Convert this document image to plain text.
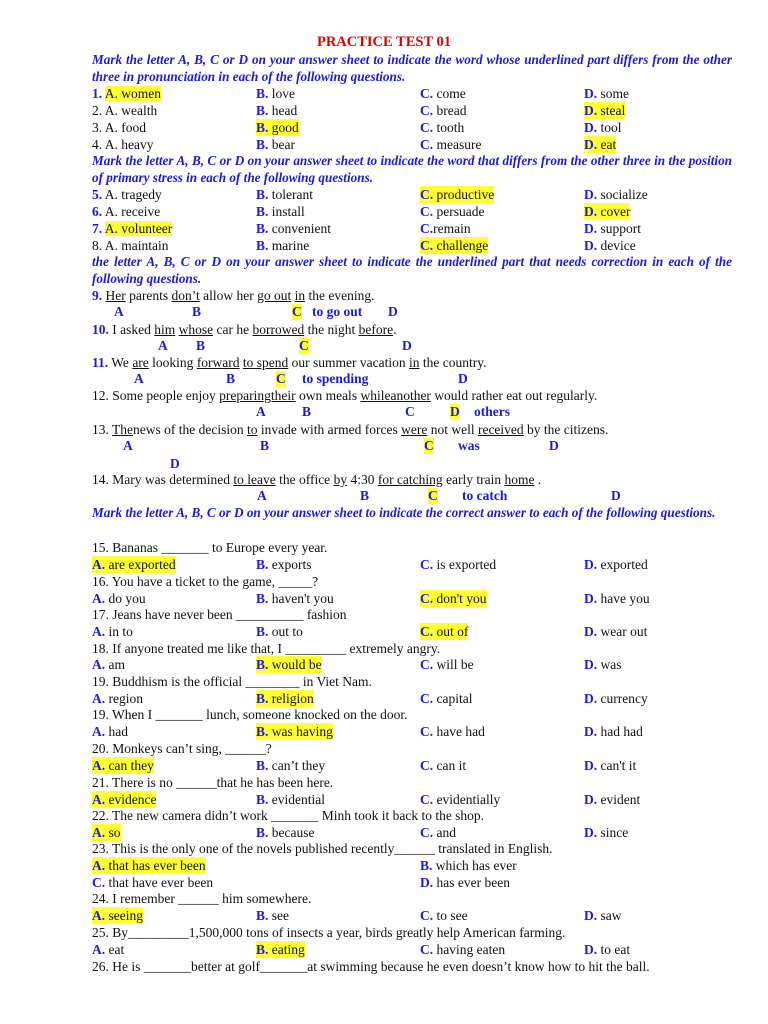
PRACTICE TEST 01
Mark the letter A, B, C or D on your answer sheet to indicate the word whose underlined part differs from the other three in pronunciation in each of the following questions.
1. A. women	B. love	C. come	D. some
2. A. wealth	B. head	C. bread	D. steal
3. A. food	B. good	C. tooth	D. tool
4. A. heavy	B. bear	C. measure	D. eat
Mark the letter A, B, C or D on your answer sheet to indicate the word that differs from the other three in the position of primary stress in each of the following questions.
5. A. tragedy	B. tolerant	C. productive	D. socialize
6. A. receive	B. install	C. persuade	D. cover
7. A. volunteer	B. convenient	C.remain	D. support
8. A. maintain	B. marine	C. challenge	D. device
the letter A, B, C or D on your answer sheet to indicate the underlined part that needs correction in each of the following questions.
9. Her parents don’t allow her go out in the evening.
A	B	C to go out D
10. I asked him whose car he borrowed the night before.
A B	C	D
11. We are looking forward to spend our summer vacation in the country.
A	B	C to spending	D
12. Some people enjoy preparingtheir own meals whileanother would rather eat out regularly.
A	B	C	D others
13. Thenews of the decision to invade with armed forces were not well received by the citizens.
A	B	C was	D
D
14. Mary was determined to leave the office by 4:30 for catching early train home .
A	B	C to catch	D
Mark the letter A, B, C or D on your answer sheet to indicate the correct answer to each of the following questions.
15. Bananas _______ to Europe every year.
A. are exported	B. exports	C. is exported	D. exported
16. You have a ticket to the game, _____?
A. do you	B. haven't you	C. don't you	D. have you
17. Jeans have never been __________ fashion
A. in to	B. out to	C. out of	D. wear out
18. If anyone treated me like that, I _________ extremely angry.
A. am	B. would be	C. will be	D. was
19. Buddhism is the official ________ in Viet Nam.
A. region	B. religion	C. capital	D. currency
19. When I _______ lunch, someone knocked on the door.
A. had	B. was having	C. have had	D. had had
20. Monkeys can’t sing, ______?
A. can they	B. can’t they	C. can it	D. can't it
21. There is no ______that he has been here.
A. evidence	B. evidential	C. evidentially	D. evident
22. The new camera didn’t work _______ Minh took it back to the shop.
A. so	B. because	C. and	D. since
23. This is the only one of the novels published recently______ translated in English.
A. that has ever been	B. which has ever
C. that have ever been	D. has ever been
24. I remember ______ him somewhere.
A. seeing	B. see	C. to see	D. saw
25. By_________1,500,000 tons of insects a year, birds greatly help American farming.
A. eat	B. eating	C. having eaten	D. to eat
26. He is _______better at golf_______at swimming because he even doesn’t know how to hit the ball.
